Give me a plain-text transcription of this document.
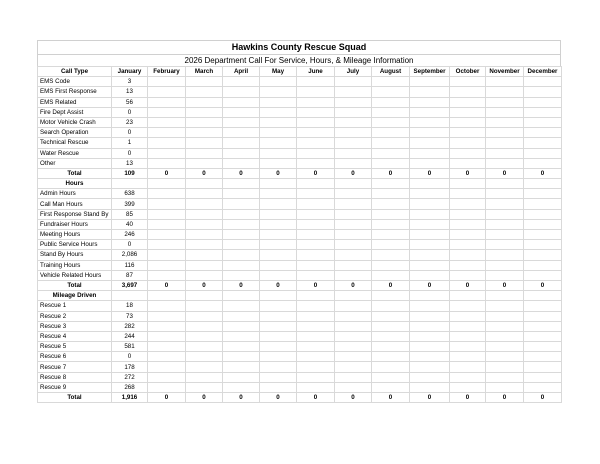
Hawkins County Rescue Squad
2026 Department Call For Service, Hours, & Mileage Information
Call Type	January	February	March	April	May	June	July	August	September	October	November	December
EMS Code	3											
EMS First Response	13											
EMS Related	56											
Fire Dept Assist	0											
Motor Vehicle Crash	23											
Search Operation	0											
Technical Rescue	1											
Water Rescue	0											
Other	13											
Total	109	0	0	0	0	0	0	0	0	0	0	0
Hours												
Admin Hours	638											
Call Man Hours	399											
First Response Stand By	85											
Fundraiser Hours	40											
Meeting Hours	246											
Public Service Hours	0											
Stand By Hours	2,086											
Training Hours	116											
Vehicle Related Hours	87											
Total	3,697	0	0	0	0	0	0	0	0	0	0	0
Mileage Driven												
Rescue 1	18											
Rescue 2	73											
Rescue 3	282											
Rescue 4	244											
Rescue 5	581											
Rescue 6	0											
Rescue 7	178											
Rescue 8	272											
Rescue 9	268											
Total	1,916	0	0	0	0	0	0	0	0	0	0	0
